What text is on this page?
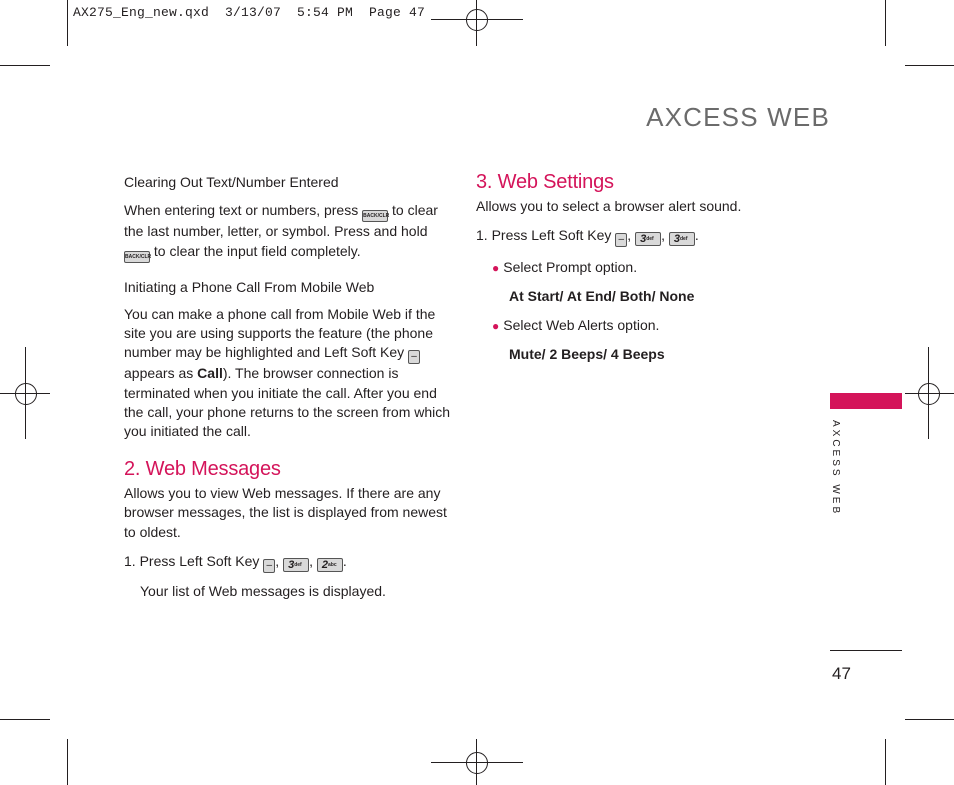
AX275_Eng_new.qxd  3/13/07  5:54 PM  Page 47
AXCESS WEB

Clearing Out Text/Number Entered

When entering text or numbers, press BACK/CLR to clear
the last number, letter, or symbol. Press and hold
BACK/CLR to clear the input field completely.

Initiating a Phone Call From Mobile Web

You can make a phone call from Mobile Web if the
site you are using supports the feature (the phone
number may be highlighted and Left Soft Key –
appears as Call). The browser connection is
terminated when you initiate the call. After you end
the call, your phone returns to the screen from which
you initiated the call.

2. Web Messages

Allows you to view Web messages. If there are any
browser messages, the list is displayed from newest
to oldest.

1. Press Left Soft Key – , 3def , 2abc .

Your list of Web messages is displayed.

3. Web Settings

Allows you to select a browser alert sound.

1. Press Left Soft Key – , 3def , 3def .

● Select Prompt option.

At Start/ At End/ Both/ None

● Select Web Alerts option.

Mute/ 2 Beeps/ 4 Beeps

AXCESS WEB
47
